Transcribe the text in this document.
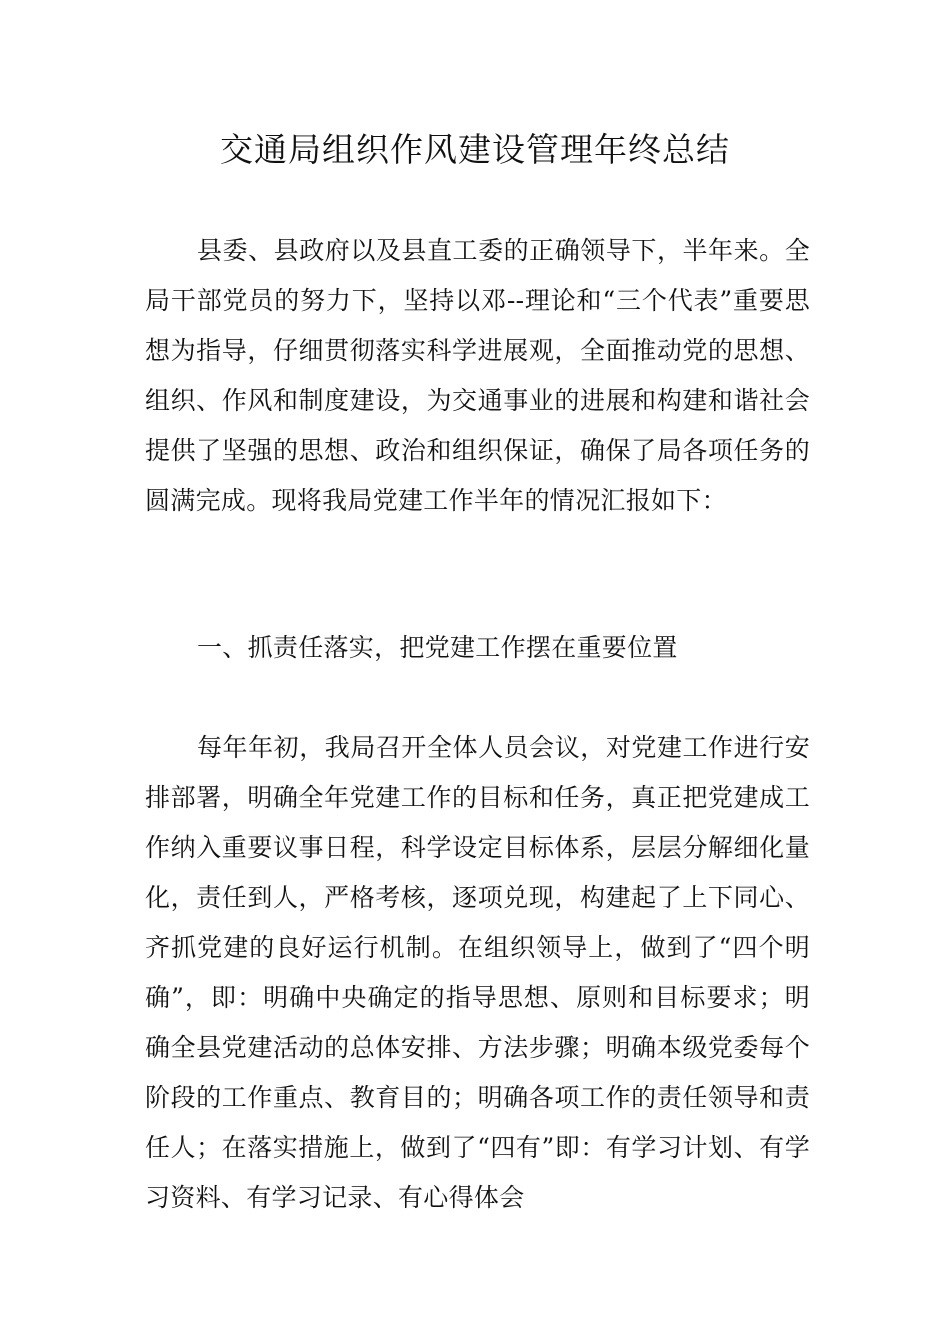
交通局组织作风建设管理年终总结
县委、县政府以及县直工委的正确领导下，半年来。全局干部党员的努力下，坚持以邓--理论和“三个代表”重要思想为指导，仔细贯彻落实科学进展观，全面推动党的思想、组织、作风和制度建设，为交通事业的进展和构建和谐社会提供了坚强的思想、政治和组织保证，确保了局各项任务的圆满完成。现将我局党建工作半年的情况汇报如下：
一、抓责任落实，把党建工作摆在重要位置
每年年初，我局召开全体人员会议，对党建工作进行安排部署，明确全年党建工作的目标和任务，真正把党建成工作纳入重要议事日程，科学设定目标体系，层层分解细化量化，责任到人，严格考核，逐项兑现，构建起了上下同心、齐抓党建的良好运行机制。在组织领导上，做到了“四个明确”，即：明确中央确定的指导思想、原则和目标要求；明确全县党建活动的总体安排、方法步骤；明确本级党委每个阶段的工作重点、教育目的；明确各项工作的责任领导和责任人；在落实措施上，做到了“四有”即：有学习计划、有学习资料、有学习记录、有心得体会
